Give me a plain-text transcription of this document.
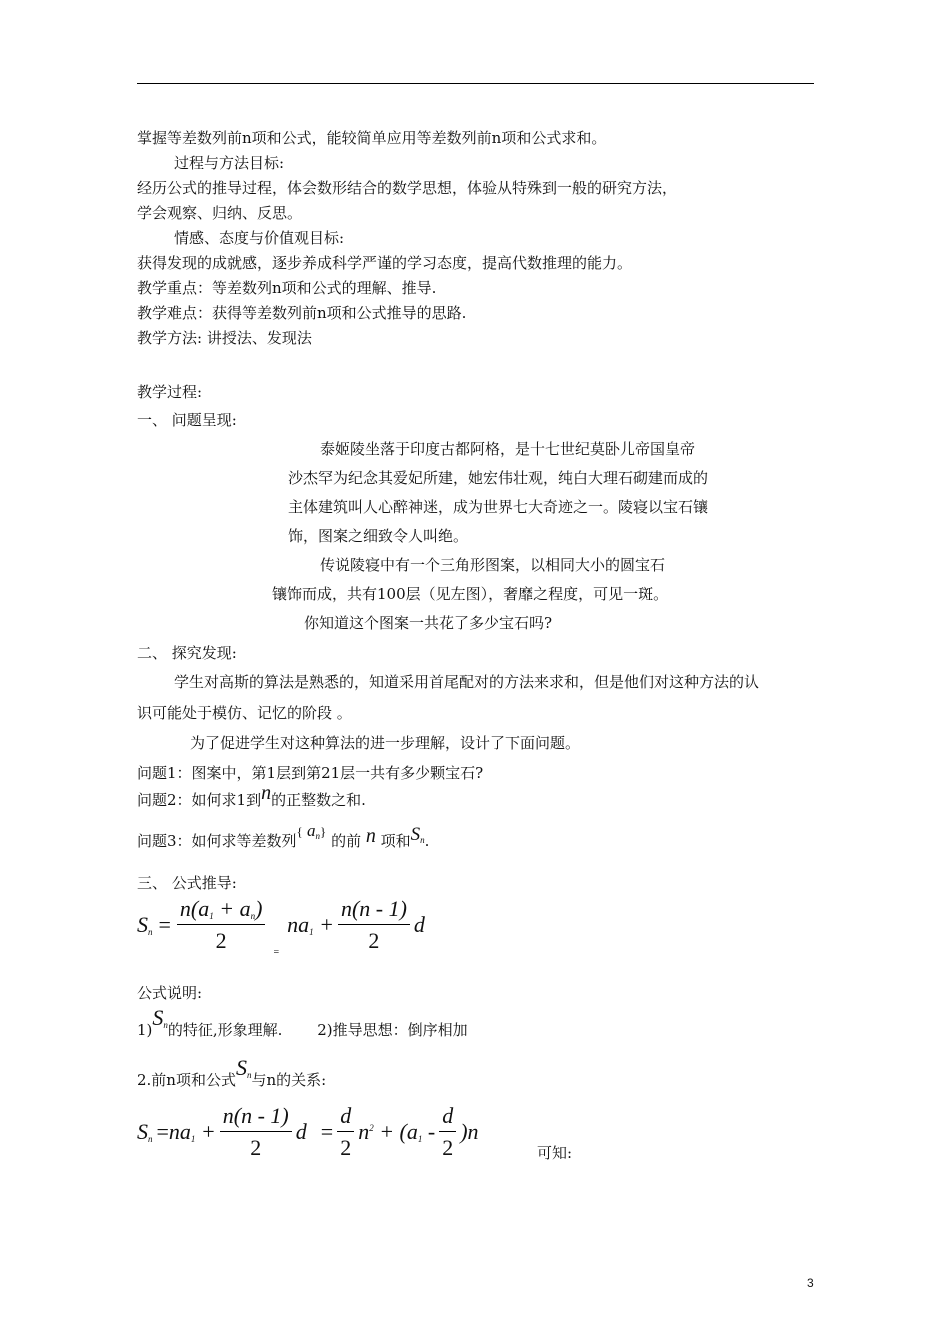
掌握等差数列前n项和公式，能较简单应用等差数列前n项和公式求和。
过程与方法目标:
经历公式的推导过程，体会数形结合的数学思想，体验从特殊到一般的研究方法，
学会观察、归纳、反思。
情感、态度与价值观目标:
获得发现的成就感，逐步养成科学严谨的学习态度，提高代数推理的能力。
教学重点：等差数列n项和公式的理解、推导.
教学难点：获得等差数列前n项和公式推导的思路.
教学方法: 讲授法、发现法
教学过程:
一、 问题呈现:
泰姬陵坐落于印度古都阿格，是十七世纪莫卧儿帝国皇帝
沙杰罕为纪念其爱妃所建，她宏伟壮观，纯白大理石砌建而成的
主体建筑叫人心醉神迷，成为世界七大奇迹之一。陵寝以宝石镶
饰，图案之细致令人叫绝。
传说陵寝中有一个三角形图案，以相同大小的圆宝石
镶饰而成，共有100层（见左图），奢靡之程度，可见一斑。
你知道这个图案一共花了多少宝石吗?
二、 探究发现:
学生对高斯的算法是熟悉的，知道采用首尾配对的方法来求和，但是他们对这种方法的认
识可能处于模仿、记忆的阶段 。
为了促进学生对这种算法的进一步理解，设计了下面问题。
问题1：图案中，第1层到第21层一共有多少颗宝石?
问题2：如何求1到n的正整数之和.
问题3：如何求等差数列{ $a_n$} 的前 n 项和$S_n$.
三、 公式推导:
$S_n = \frac{n(a_1 + a_n)}{2} _=$ $na_1 + \frac{n(n - 1)}{2}$ d
公式说明:
$1)S_n$的特征,形象理解. 2)推导思想：倒序相加
2.前n项和公式$S_n$与n的关系:
$S_n =na_1 + \frac{n(n - 1)}{2}$ $d = \frac{d}{2} n^2 + (a_1 - \frac{d}{2} )n$
可知:
3
